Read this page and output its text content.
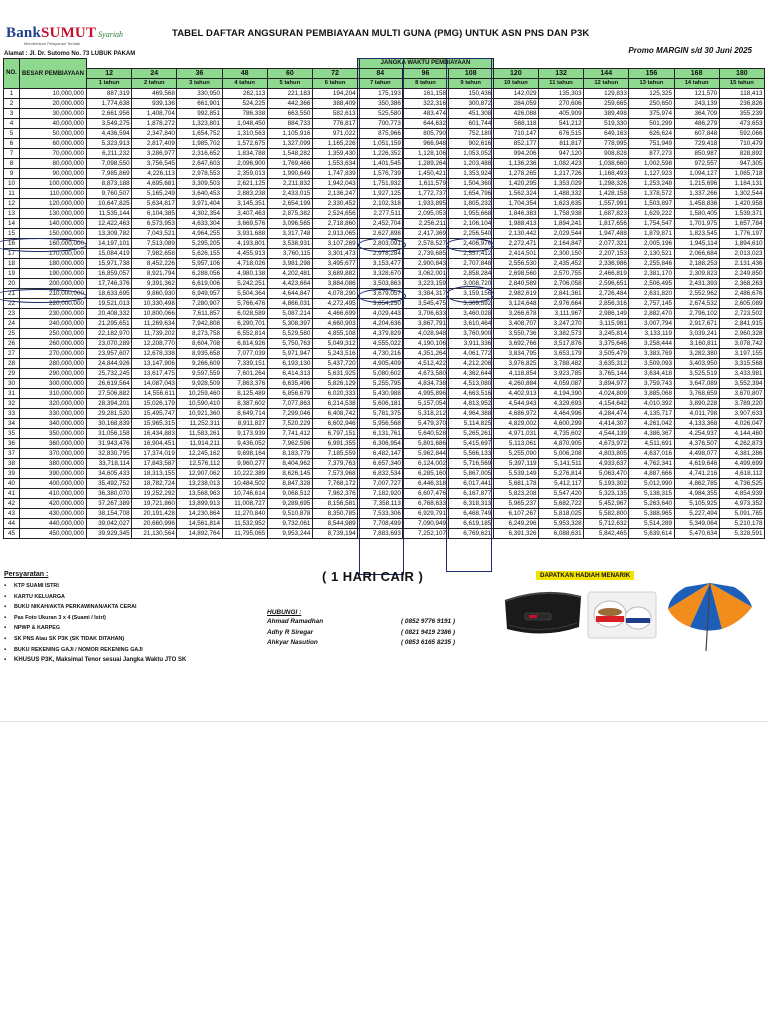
BankSUMUT Syariah
Memberikan Pelayanan Terbaik
Alamat : Jl. Dr. Sutomo No. 73 LUBUK PAKAM
TABEL DAFTAR ANGSURAN PEMBIAYAAN MULTI GUNA (PMG) UNTUK ASN PNS DAN P3K
Promo MARGIN s/d 30 Juni 2025
NO.	BESAR PEMBIAYAAN							JANGKA WAKTU PEMBIAYAAN								
		12	24	36	48	60	72	84	96	108	120	132	144	156	168	180
		1 tahun	2 tahun	3 tahun	4 tahun	5 tahun	6 tahun	7 tahun	8 tahun	9 tahun	10 tahun	11 tahun	12 tahun	13 tahun	14 tahun	15 tahun
1	10,000,000	887,319	469,568	330,950	262,113	221,183	194,204	175,193	161,158	150,436	142,029	135,303	129,833	125,325	121,570	118,413
2	20,000,000	1,774,638	939,136	661,901	524,225	442,366	388,409	350,386	322,316	300,872	284,059	270,606	259,665	250,650	243,139	236,826
3	30,000,000	2,661,956	1,408,704	992,851	786,338	663,550	582,613	525,580	483,474	451,308	426,088	405,909	389,498	375,974	364,709	355,239
4	40,000,000	3,549,275	1,878,272	1,323,801	1,048,450	884,733	776,817	700,773	644,632	601,744	568,118	541,212	519,330	501,299	486,279	473,653
5	50,000,000	4,436,594	2,347,840	1,654,752	1,310,563	1,105,916	971,022	875,966	805,790	752,180	710,147	676,515	649,163	626,624	607,848	592,066
6	60,000,000	5,323,913	2,817,409	1,985,702	1,572,675	1,327,099	1,165,226	1,051,159	966,948	902,616	852,177	811,817	778,995	751,949	729,418	710,479
7	70,000,000	6,211,232	3,286,977	2,316,652	1,834,788	1,548,282	1,359,430	1,226,352	1,128,106	1,053,052	994,206	947,120	908,828	877,273	850,987	828,892
8	80,000,000	7,098,550	3,756,545	2,647,603	2,096,900	1,769,466	1,553,634	1,401,545	1,289,264	1,203,488	1,136,236	1,082,423	1,038,660	1,002,598	972,557	947,305
9	90,000,000	7,985,869	4,226,113	2,978,553	2,359,013	1,990,649	1,747,839	1,576,739	1,450,421	1,353,924	1,278,265	1,217,726	1,168,493	1,127,923	1,094,127	1,065,718
10	100,000,000	8,873,188	4,695,681	3,309,503	2,621,125	2,211,832	1,942,043	1,751,932	1,611,579	1,504,360	1,420,295	1,353,029	1,298,326	1,253,248	1,215,696	1,184,131
11	110,000,000	9,760,507	5,165,249	3,640,453	2,883,238	2,433,015	2,136,247	1,927,125	1,772,737	1,654,796	1,562,324	1,488,332	1,428,158	1,378,572	1,337,266	1,302,544
12	120,000,000	10,647,825	5,634,817	3,971,404	3,145,351	2,654,199	2,330,452	2,102,318	1,933,895	1,805,232	1,704,354	1,623,635	1,557,991	1,503,897	1,458,836	1,420,958
13	130,000,000	11,535,144	6,104,385	4,302,354	3,407,463	2,875,382	2,524,656	2,277,511	2,095,053	1,955,668	1,846,383	1,758,938	1,687,823	1,629,222	1,580,405	1,539,371
14	140,000,000	12,422,463	6,573,953	4,633,304	3,669,576	3,096,565	2,718,860	2,452,704	2,256,211	2,106,104	1,988,413	1,894,241	1,817,656	1,754,547	1,701,975	1,657,784
15	150,000,000	13,309,782	7,043,521	4,964,255	3,931,688	3,317,748	2,913,065	2,627,898	2,417,369	2,256,540	2,130,442	2,029,544	1,947,488	1,879,871	1,823,545	1,776,197
16	160,000,000	14,197,101	7,513,089	5,295,205	4,193,801	3,538,931	3,107,269	2,803,091	2,578,527	2,406,976	2,272,471	2,164,847	2,077,321	2,005,196	1,945,114	1,894,610
17	170,000,000	15,084,419	7,982,658	5,626,155	4,455,913	3,760,115	3,301,473	2,978,284	2,739,685	2,557,412	2,414,501	2,300,150	2,207,153	2,130,521	2,066,684	2,013,023
18	180,000,000	15,971,738	8,452,226	5,957,106	4,718,026	3,981,298	3,495,677	3,153,477	2,900,843	2,707,848	2,556,530	2,435,452	2,336,986	2,255,846	2,188,253	2,131,436
19	190,000,000	16,859,057	8,921,794	6,288,056	4,980,138	4,202,481	3,689,882	3,328,670	3,062,001	2,858,284	2,698,560	2,570,755	2,466,819	2,381,170	2,309,823	2,249,850
20	200,000,000	17,746,376	9,391,362	6,619,006	5,242,251	4,423,664	3,884,086	3,503,863	3,223,159	3,008,720	2,840,589	2,706,058	2,596,651	2,506,495	2,431,393	2,368,263
21	210,000,000	18,633,695	9,860,930	6,949,957	5,504,364	4,644,847	4,078,290	3,679,057	3,384,317	3,159,156	2,982,619	2,841,361	2,726,484	2,631,820	2,552,962	2,486,676
22	220,000,000	19,521,013	10,330,498	7,280,907	5,766,476	4,866,031	4,272,495	3,854,250	3,545,475	3,309,592	3,124,648	2,976,664	2,856,316	2,757,145	2,674,532	2,605,089
23	230,000,000	20,408,332	10,800,066	7,611,857	6,028,589	5,087,214	4,466,699	4,029,443	3,706,633	3,460,028	3,266,678	3,111,967	2,986,149	2,882,470	2,796,102	2,723,502
24	240,000,000	21,295,651	11,269,634	7,942,808	6,290,701	5,308,397	4,660,903	4,204,636	3,867,791	3,610,464	3,408,707	3,247,270	3,115,981	3,007,794	2,917,671	2,841,915
25	250,000,000	22,182,970	11,739,202	8,273,758	6,552,814	5,529,580	4,855,108	4,379,829	4,028,948	3,760,900	3,550,736	3,382,573	3,245,814	3,133,119	3,039,241	2,960,328
26	260,000,000	23,070,289	12,208,770	8,604,708	6,814,926	5,750,763	5,049,312	4,555,022	4,190,106	3,911,336	3,692,766	3,517,876	3,375,646	3,258,444	3,160,811	3,078,742
27	270,000,000	23,957,607	12,678,338	8,935,658	7,077,039	5,971,947	5,243,516	4,730,216	4,351,264	4,061,772	3,834,795	3,653,179	3,505,479	3,383,769	3,282,380	3,197,155
28	280,000,000	24,844,926	13,147,906	9,266,609	7,339,151	6,193,130	5,437,720	4,905,409	4,512,422	4,212,208	3,976,825	3,788,482	3,635,312	3,509,093	3,403,950	3,315,568
29	290,000,000	25,732,245	13,617,475	9,597,559	7,601,264	6,414,313	5,631,925	5,080,602	4,673,580	4,362,644	4,118,854	3,923,785	3,765,144	3,634,418	3,525,519	3,433,981
30	300,000,000	26,619,564	14,087,043	9,928,509	7,863,376	6,635,496	5,826,129	5,255,795	4,834,738	4,513,080	4,260,884	4,059,087	3,894,977	3,759,743	3,647,089	3,552,394
31	310,000,000	27,506,882	14,556,611	10,259,460	8,125,489	6,856,679	6,020,333	5,430,988	4,995,896	4,663,516	4,402,913	4,194,390	4,024,809	3,885,068	3,768,659	3,670,807
32	320,000,000	28,394,201	15,026,179	10,590,410	8,387,602	7,077,863	6,214,538	5,606,181	5,157,054	4,813,952	4,544,943	4,329,693	4,154,642	4,010,392	3,890,228	3,789,220
33	330,000,000	29,281,520	15,495,747	10,921,360	8,649,714	7,299,046	6,408,742	5,781,375	5,318,212	4,964,388	4,686,972	4,464,996	4,284,474	4,135,717	4,011,798	3,907,633
34	340,000,000	30,168,839	15,965,315	11,252,311	8,911,827	7,520,229	6,602,946	5,956,568	5,479,370	5,114,825	4,829,002	4,600,299	4,414,307	4,261,042	4,133,368	4,026,047
35	350,000,000	31,056,158	16,434,883	11,583,261	9,173,939	7,741,412	6,797,151	6,131,761	5,640,528	5,265,261	4,971,031	4,735,602	4,544,139	4,386,367	4,254,937	4,144,460
36	360,000,000	31,943,476	16,904,451	11,914,211	9,436,052	7,962,596	6,991,355	6,306,954	5,801,686	5,415,697	5,113,061	4,870,905	4,673,972	4,511,691	4,376,507	4,262,873
37	370,000,000	32,830,795	17,374,019	12,245,162	9,698,164	8,183,779	7,185,559	6,482,147	5,962,844	5,566,133	5,255,090	5,006,208	4,803,805	4,637,016	4,498,077	4,381,286
38	380,000,000	33,718,114	17,843,587	12,576,112	9,960,277	8,404,962	7,379,763	6,657,340	6,124,002	5,716,569	5,397,119	5,141,511	4,933,637	4,762,341	4,619,646	4,499,699
39	390,000,000	34,605,433	18,313,155	12,907,062	10,222,389	8,626,145	7,573,968	6,832,534	6,285,160	5,867,005	5,539,149	5,276,814	5,063,470	4,887,666	4,741,216	4,618,112
40	400,000,000	35,492,752	18,782,724	13,238,013	10,484,502	8,847,328	7,768,172	7,007,727	6,446,318	6,017,441	5,681,178	5,412,117	5,193,302	5,012,990	4,862,785	4,736,525
41	410,000,000	36,380,070	19,252,292	13,568,963	10,746,614	9,068,512	7,962,376	7,182,920	6,607,476	6,167,877	5,823,208	5,547,420	5,323,135	5,138,315	4,984,355	4,854,939
42	420,000,000	37,267,389	19,721,860	13,899,913	11,008,727	9,289,695	8,156,581	7,358,113	6,768,633	6,318,313	5,965,237	5,682,722	5,452,967	5,263,640	5,105,925	4,973,352
43	430,000,000	38,154,708	20,191,428	14,230,864	11,270,840	9,510,878	8,350,785	7,533,306	6,929,791	6,468,749	6,107,267	5,818,025	5,582,800	5,388,965	5,227,494	5,091,765
44	440,000,000	39,042,027	20,660,996	14,561,814	11,532,952	9,732,061	8,544,989	7,708,499	7,090,949	6,619,185	6,249,296	5,953,328	5,712,632	5,514,289	5,349,064	5,210,178
45	450,000,000	39,929,345	21,130,564	14,892,764	11,795,065	9,953,244	8,739,194	7,883,693	7,252,107	6,769,621	6,391,326	6,088,631	5,842,465	5,639,614	5,470,634	5,328,591
Persyaratan :
▪ KTP SUAMI ISTRI
▪ KARTU KELUARGA
▪ BUKU NIKAH/AKTA PERKAWINAN/AKTA CERAI
▪ Pas Foto Ukuran 3 x 4 (Suami / Istri)
▪ NPWP & KARPEG
▪ SK PNS Atau SK P3K (SK TIDAK DITAHAN)
▪ BUKU REKENING GAJI / NOMOR REKENING GAJI
▪ KHUSUS P3K, Maksimal Tenor sesuai Jangka Waktu JTO SK
( 1 HARI CAIR )
HUBUNGI :
Ahmad Ramadhan	( 0852 9776 9191 )
Adhy R Siregar	( 0821 9419 2386 )
Ahkyar Nasution	( 0853 6165 8235 )
DAPATKAN HADIAH MENARIK
